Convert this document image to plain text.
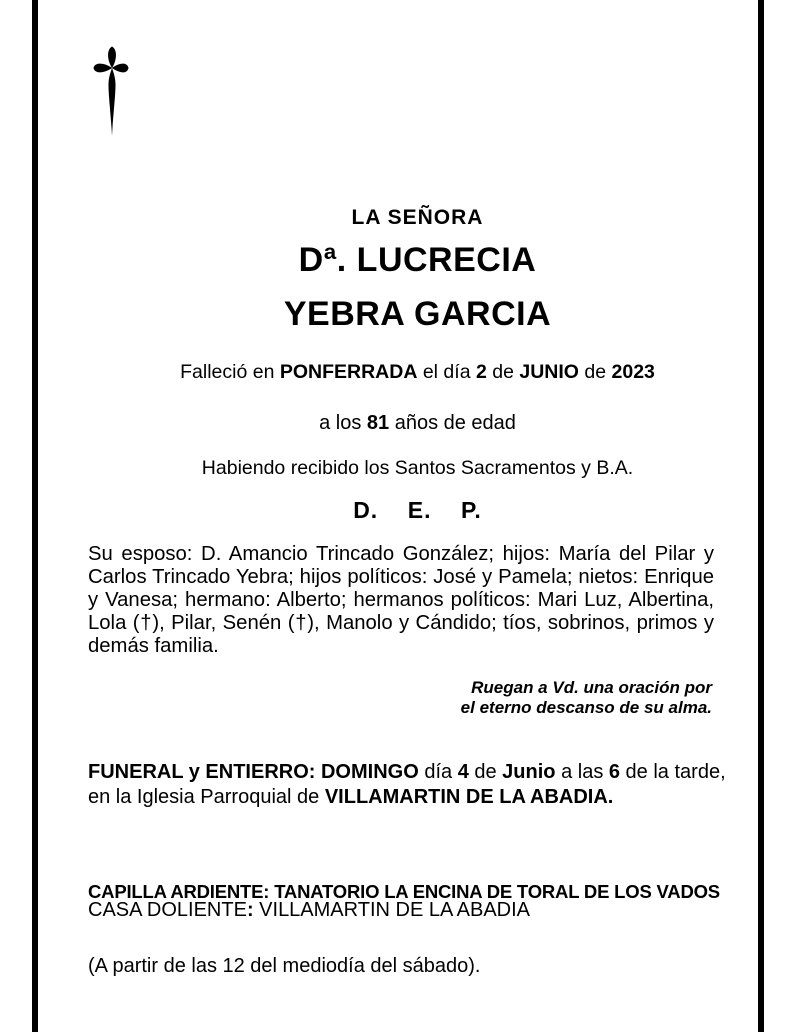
LA SEÑORA
Dª. LUCRECIA
YEBRA GARCIA
Falleció en PONFERRADA el día 2 de JUNIO de 2023
a los 81 años de edad
Habiendo recibido los Santos Sacramentos y B.A.
D.    E.    P.
Su esposo: D. Amancio Trincado González; hijos: María del Pilar y Carlos Trincado Yebra; hijos políticos: José y Pamela; nietos: Enrique y Vanesa; hermano: Alberto; hermanos políticos: Mari Luz, Albertina, Lola (†), Pilar, Senén (†), Manolo y Cándido; tíos, sobrinos, primos y demás familia.
Ruegan a Vd. una oración por
el eterno descanso de su alma.
FUNERAL y ENTIERRO: DOMINGO día 4 de Junio a las 6 de la tarde, en la Iglesia Parroquial de VILLAMARTIN DE LA ABADIA.

CAPILLA ARDIENTE: TANATORIO LA ENCINA DE TORAL DE LOS VADOS

(A partir de las 12 del mediodía del sábado).

CASA DOLIENTE: VILLAMARTIN DE LA ABADIA
